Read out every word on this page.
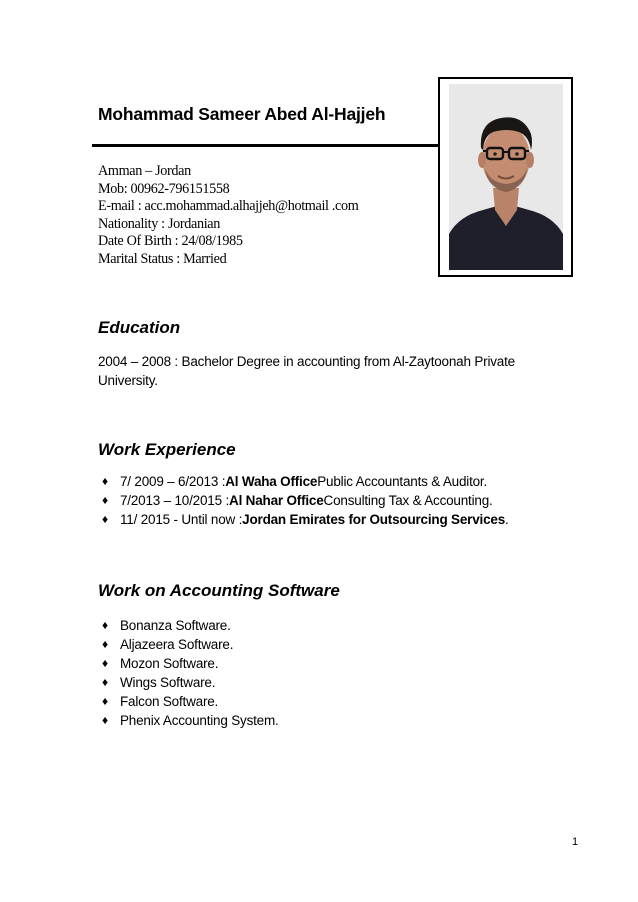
Mohammad Sameer Abed Al-Hajjeh
Amman – Jordan
Mob: 00962-796151558
E-mail : acc.mohammad.alhajjeh@hotmail .com
Nationality : Jordanian
Date Of Birth : 24/08/1985
Marital Status : Married
Education
2004 – 2008 : Bachelor Degree in accounting from Al-Zaytoonah Private
University.
Work Experience
♦ 7/ 2009 – 6/2013 : Al Waha Office Public Accountants & Auditor.
♦ 7/2013 – 10/2015 : Al Nahar Office Consulting Tax & Accounting.
♦ 11/ 2015 - Until now : Jordan Emirates for Outsourcing Services .
Work on Accounting Software
♦ Bonanza Software.
♦ Aljazeera Software.
♦ Mozon Software.
♦ Wings Software.
♦ Falcon Software.
♦ Phenix Accounting System.
1
